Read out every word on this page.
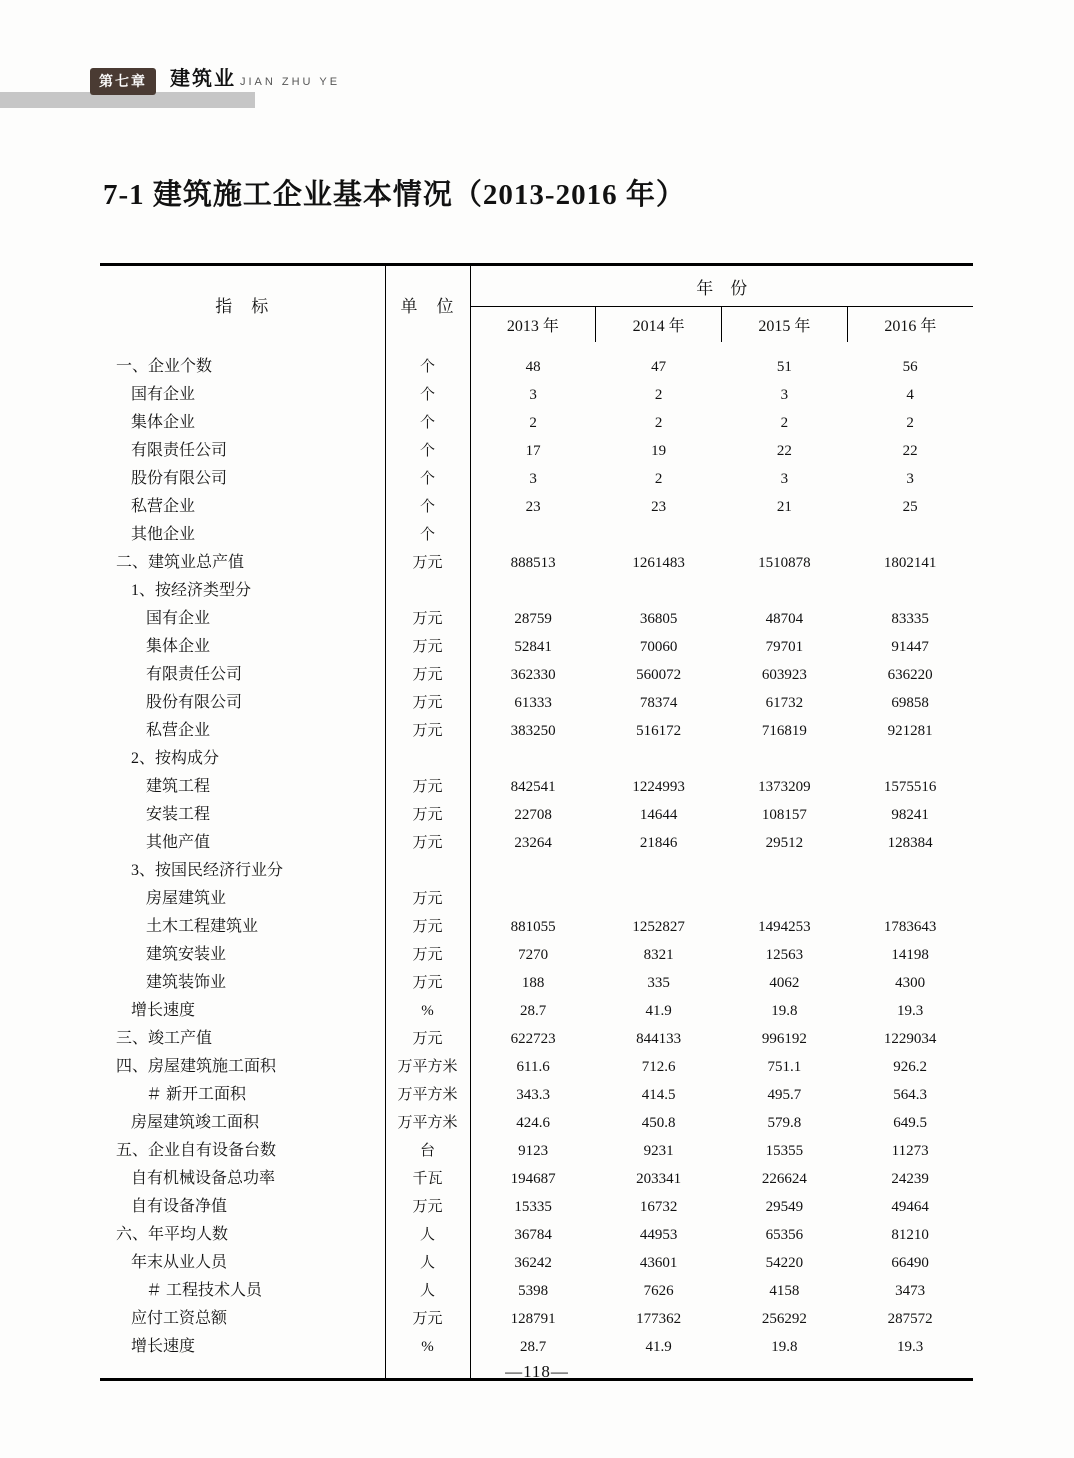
第七章 建筑业 JIAN ZHU YE
7-1 建筑施工企业基本情况（2013-2016 年）
指　标	单　位	年　份			
		2013 年	2014 年	2015 年	2016 年
一、企业个数	个	48	47	51	56
国有企业	个	3	2	3	4
集体企业	个	2	2	2	2
有限责任公司	个	17	19	22	22
股份有限公司	个	3	2	3	3
私营企业	个	23	23	21	25
其他企业	个				
二、建筑业总产值	万元	888513	1261483	1510878	1802141
1、按经济类型分					
国有企业	万元	28759	36805	48704	83335
集体企业	万元	52841	70060	79701	91447
有限责任公司	万元	362330	560072	603923	636220
股份有限公司	万元	61333	78374	61732	69858
私营企业	万元	383250	516172	716819	921281
2、按构成分					
建筑工程	万元	842541	1224993	1373209	1575516
安装工程	万元	22708	14644	108157	98241
其他产值	万元	23264	21846	29512	128384
3、按国民经济行业分					
房屋建筑业	万元				
土木工程建筑业	万元	881055	1252827	1494253	1783643
建筑安装业	万元	7270	8321	12563	14198
建筑装饰业	万元	188	335	4062	4300
增长速度	%	28.7	41.9	19.8	19.3
三、竣工产值	万元	622723	844133	996192	1229034
四、房屋建筑施工面积	万平方米	611.6	712.6	751.1	926.2
＃ 新开工面积	万平方米	343.3	414.5	495.7	564.3
房屋建筑竣工面积	万平方米	424.6	450.8	579.8	649.5
五、企业自有设备台数	台	9123	9231	15355	11273
自有机械设备总功率	千瓦	194687	203341	226624	24239
自有设备净值	万元	15335	16732	29549	49464
六、年平均人数	人	36784	44953	65356	81210
年末从业人员	人	36242	43601	54220	66490
＃ 工程技术人员	人	5398	7626	4158	3473
应付工资总额	万元	128791	177362	256292	287572
增长速度	%	28.7	41.9	19.8	19.3
—118—
